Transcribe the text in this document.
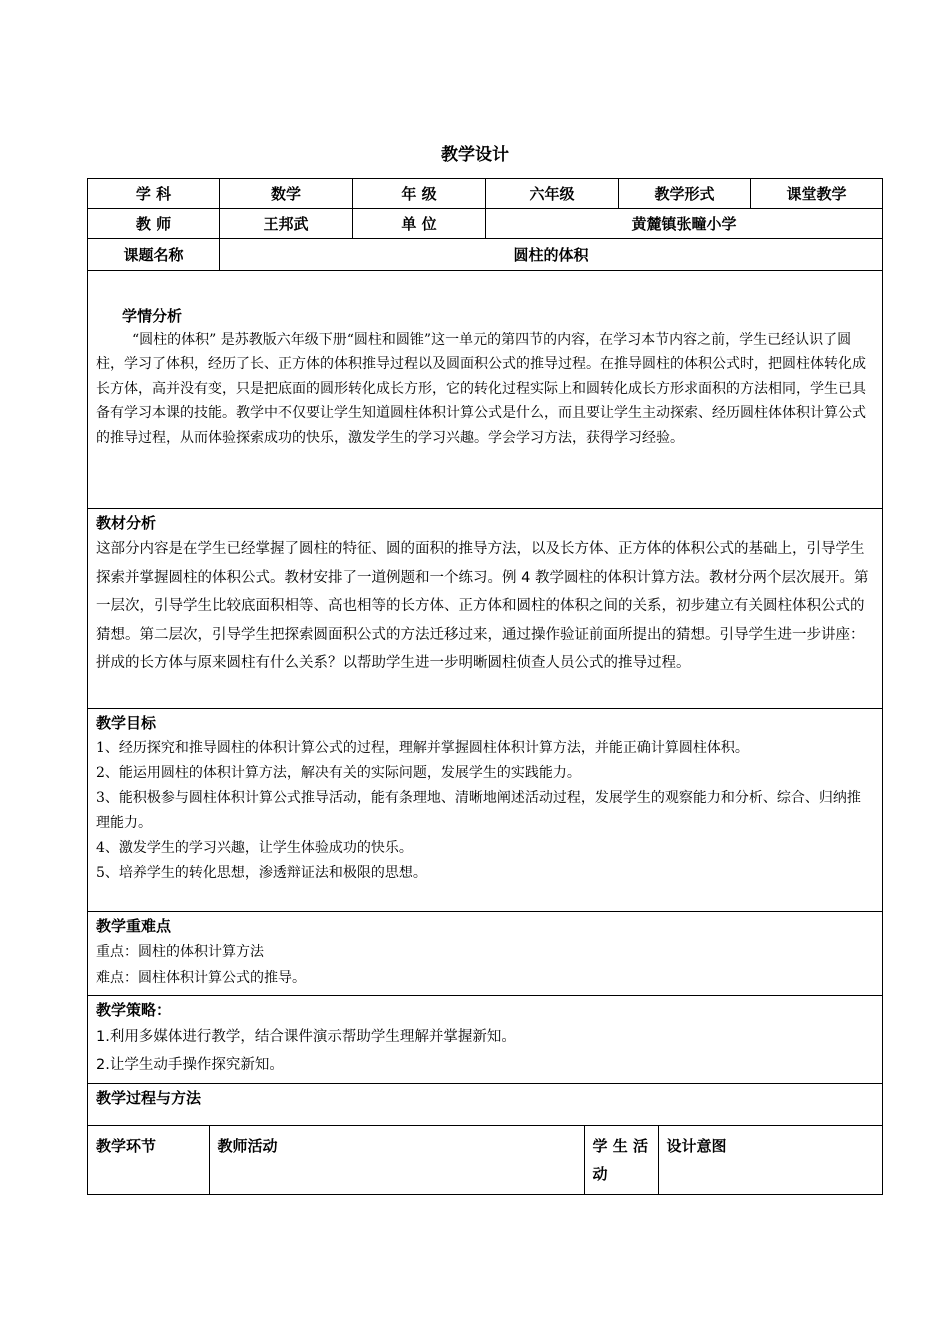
教学设计
学 科	数学	年 级	六年级	教学形式	课堂教学
教 师	王邦武	单 位	黄麓镇张疃小学
课题名称	圆柱的体积

学情分析
“圆柱的体积” 是苏教版六年级下册“圆柱和圆锥”这一单元的第四节的内容，在学习本节内容之前，学生已经认识了圆柱，学习了体积，经历了长、正方体的体积推导过程以及圆面积公式的推导过程。在推导圆柱的体积公式时，把圆柱体转化成长方体，高并没有变，只是把底面的圆形转化成长方形，它的转化过程实际上和圆转化成长方形求面积的方法相同，学生已具备有学习本课的技能。教学中不仅要让学生知道圆柱体积计算公式是什么，而且要让学生主动探索、经历圆柱体体积计算公式的推导过程，从而体验探索成功的快乐，激发学生的学习兴趣。学会学习方法，获得学习经验。

教材分析
这部分内容是在学生已经掌握了圆柱的特征、圆的面积的推导方法，以及长方体、正方体的体积公式的基础上，引导学生探索并掌握圆柱的体积公式。教材安排了一道例题和一个练习。例 4 教学圆柱的体积计算方法。教材分两个层次展开。第一层次，引导学生比较底面积相等、高也相等的长方体、正方体和圆柱的体积之间的关系，初步建立有关圆柱体积公式的猜想。第二层次，引导学生把探索圆面积公式的方法迁移过来，通过操作验证前面所提出的猜想。引导学生进一步讲座：拼成的长方体与原来圆柱有什么关系？以帮助学生进一步明晰圆柱侦查人员公式的推导过程。

教学目标
1、经历探究和推导圆柱的体积计算公式的过程，理解并掌握圆柱体积计算方法，并能正确计算圆柱体积。
2、能运用圆柱的体积计算方法，解决有关的实际问题，发展学生的实践能力。
3、能积极参与圆柱体积计算公式推导活动，能有条理地、清晰地阐述活动过程，发展学生的观察能力和分析、综合、归纳推理能力。
4、激发学生的学习兴趣，让学生体验成功的快乐。
5、培养学生的转化思想，渗透辩证法和极限的思想。

教学重难点
重点：圆柱的体积计算方法
难点：圆柱体积计算公式的推导。

教学策略：
1.利用多媒体进行教学，结合课件演示帮助学生理解并掌握新知。
2.让学生动手操作探究新知。

教学过程与方法

教学环节	教师活动	学 生 活 动	设计意图
